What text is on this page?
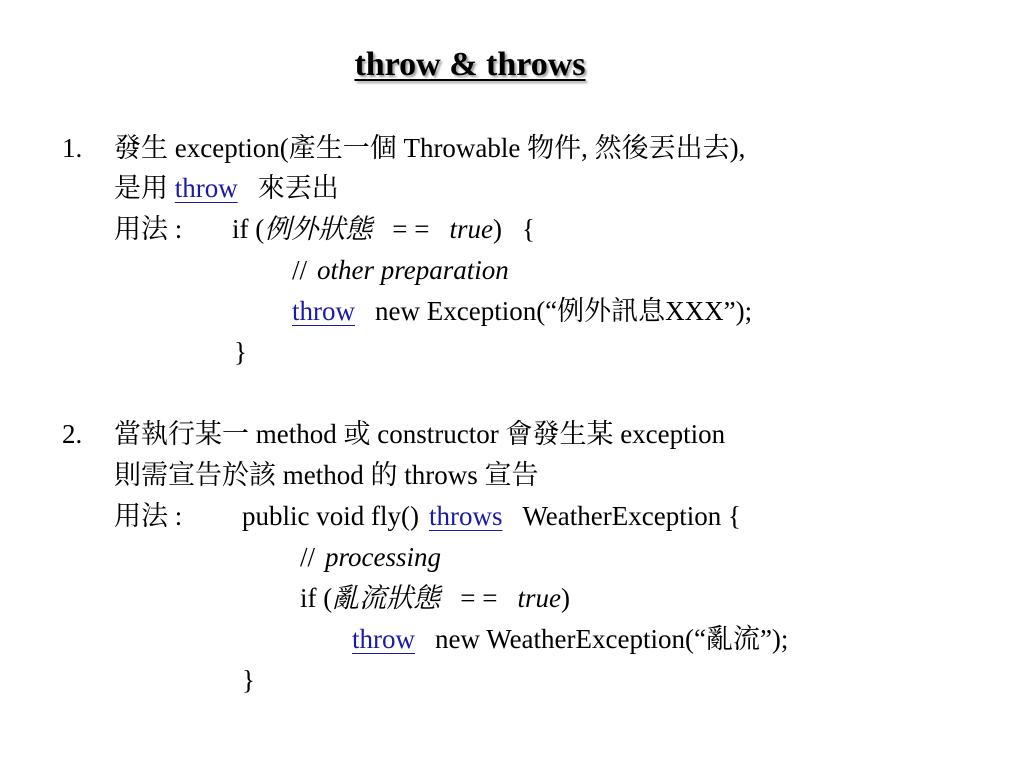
throw & throws
1. 發生 exception(產生一個 Throwable 物件, 然後丟出去),
是用 throw 來丟出
用法 : if (例外狀態 = = true) {
// other preparation
throw new Exception(“例外訊息XXX”);
}
2. 當執行某一 method 或 constructor 會發生某 exception
則需宣告於該 method 的 throws 宣告
用法 : public void fly() throws WeatherException {
// processing
if (亂流狀態 = = true)
throw new WeatherException(“亂流”);
}
